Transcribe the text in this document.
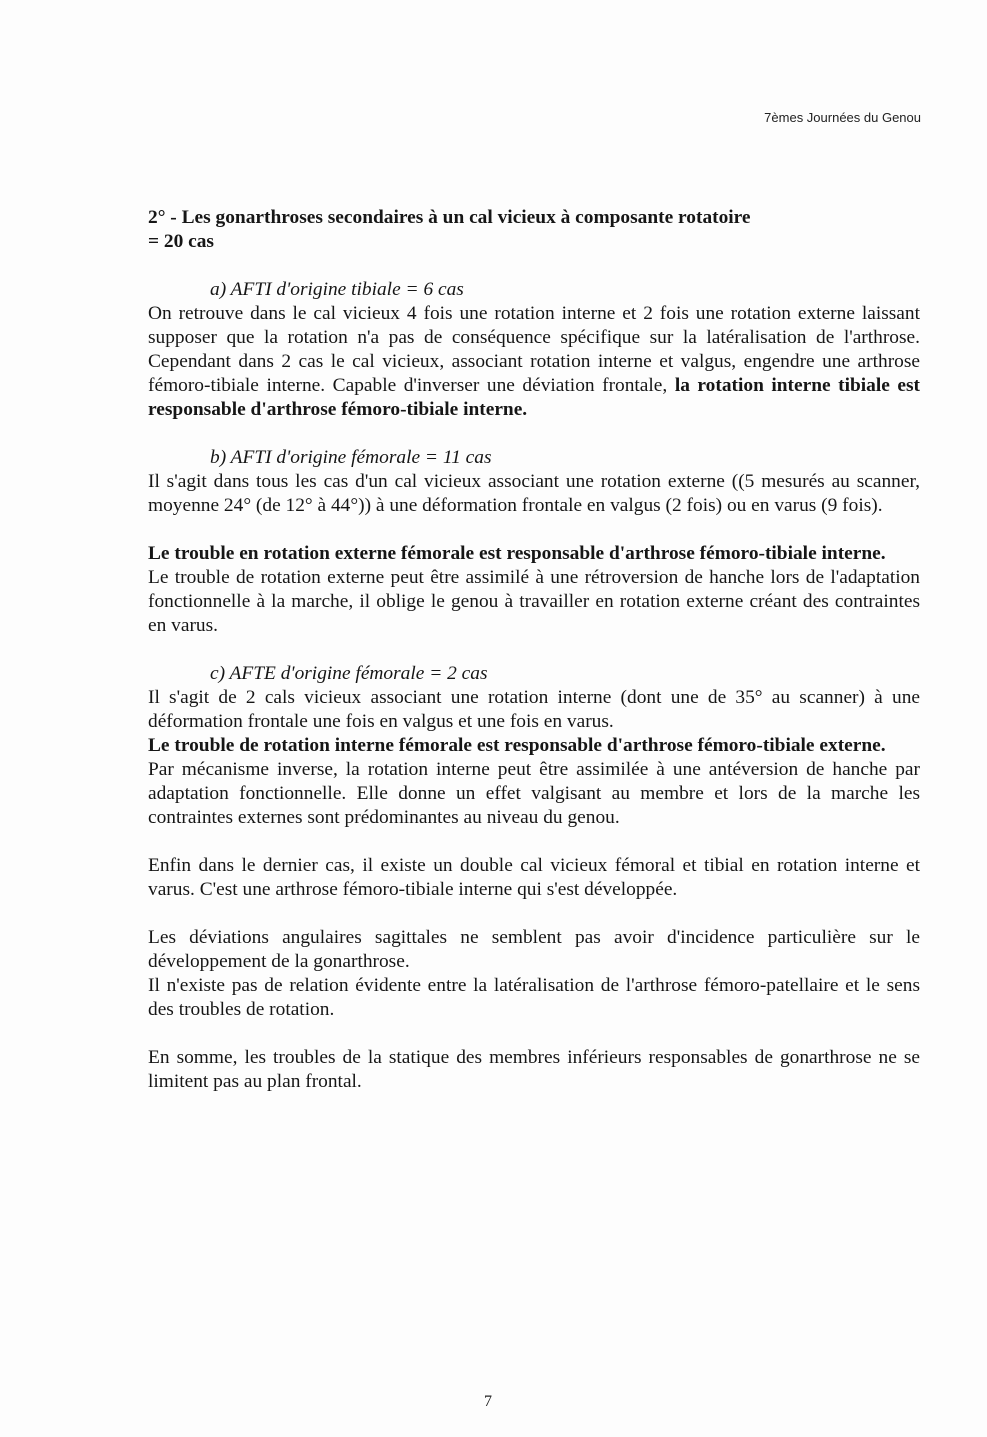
7èmes Journées du Genou
2° - Les gonarthroses secondaires à un cal vicieux à composante rotatoire
= 20 cas
a) AFTI d'origine tibiale = 6 cas

On retrouve dans le cal vicieux 4 fois une rotation interne et 2 fois une rotation externe laissant supposer que la rotation n'a pas de conséquence spécifique sur la latéralisation de l'arthrose. Cependant dans 2 cas le cal vicieux, associant rotation interne et valgus, engendre une arthrose fémoro-tibiale interne. Capable d'inverser une déviation frontale, la rotation interne tibiale est responsable d'arthrose fémoro-tibiale interne.

b) AFTI d'origine fémorale = 11 cas

Il s'agit dans tous les cas d'un cal vicieux associant une rotation externe ((5 mesurés au scanner, moyenne 24° (de 12° à 44°)) à une déformation frontale en valgus (2 fois) ou en varus (9 fois).

Le trouble en rotation externe fémorale est responsable d'arthrose fémoro-tibiale interne.

Le trouble de rotation externe peut être assimilé à une rétroversion de hanche lors de l'adaptation fonctionnelle à la marche, il oblige le genou à travailler en rotation externe créant des contraintes en varus.

c) AFTE d'origine fémorale = 2 cas

Il s'agit de 2 cals vicieux associant une rotation interne (dont une de 35° au scanner) à une déformation frontale une fois en valgus et une fois en varus.

Le trouble de rotation interne fémorale est responsable d'arthrose fémoro-tibiale externe.

Par mécanisme inverse, la rotation interne peut être assimilée à une antéversion de hanche par adaptation fonctionnelle. Elle donne un effet valgisant au membre et lors de la marche les contraintes externes sont prédominantes au niveau du genou.

Enfin dans le dernier cas, il existe un double cal vicieux fémoral et tibial en rotation interne et varus. C'est une arthrose fémoro-tibiale interne qui s'est développée.

Les déviations angulaires sagittales ne semblent pas avoir d'incidence particulière sur le développement de la gonarthrose.

Il n'existe pas de relation évidente entre la latéralisation de l'arthrose fémoro-patellaire et le sens des troubles de rotation.

En somme, les troubles de la statique des membres inférieurs responsables de gonarthrose ne se limitent pas au plan frontal.

7
